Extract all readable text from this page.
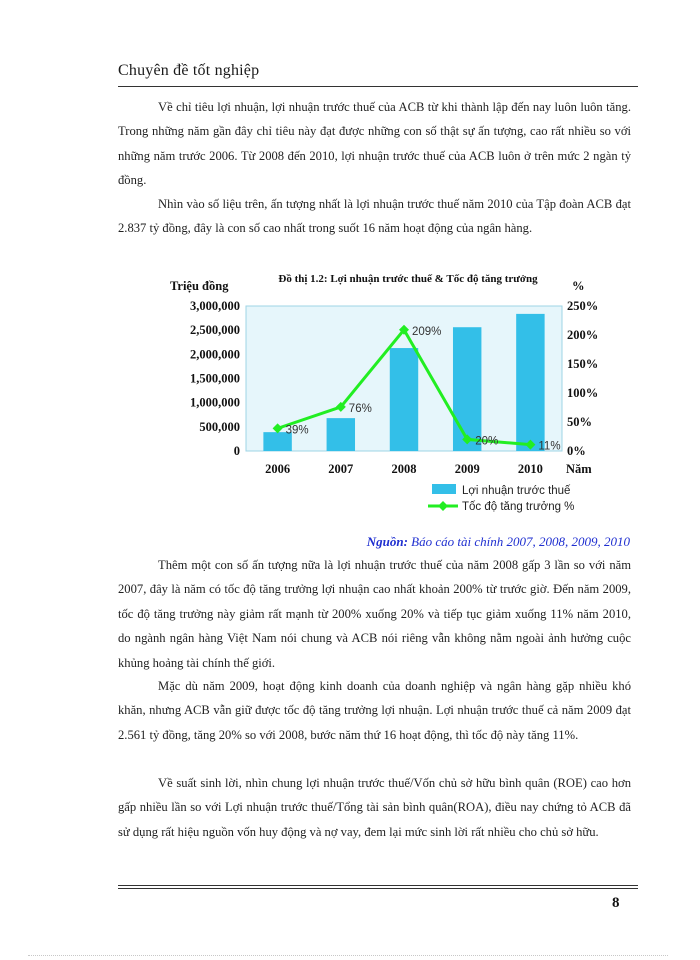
Chuyên đề tốt nghiệp
Về chỉ tiêu lợi nhuận, lợi nhuận trước thuế của ACB từ khi thành lập đến nay luôn luôn tăng. Trong những năm gần đây chỉ tiêu này đạt được những con số thật sự ấn tượng, cao rất nhiều so với những năm trước 2006. Từ 2008 đến 2010, lợi nhuận trước thuế của ACB luôn ở trên mức 2 ngàn tỷ đồng.
Nhìn vào số liệu trên, ấn tượng nhất là lợi nhuận trước thuế năm 2010 của Tập đoàn ACB đạt 2.837 tỷ đồng, đây là con số cao nhất trong suốt 16 năm hoạt động của ngân hàng.
0
500,000
1,000,000
1,500,000
2,000,000
2,500,000
3,000,000
0%
50%
100%
150%
200%
250%
2006	2007	2008	2009	2010
39%
76%
209%
20%	11%
Đồ thị 1.2: Lợi nhuận trước thuế & Tốc độ tăng trưởng
Triệu đồng	%
Năm
Lợi nhuận trước thuế
Tốc độ tăng trưởng %
Nguồn: Báo cáo tài chính 2007, 2008, 2009, 2010
Thêm một con số ấn tượng nữa là lợi nhuận trước thuế của năm 2008 gấp 3 lần so với năm 2007, đây là năm có tốc độ tăng trưởng lợi nhuận cao nhất khoản 200% từ trước giờ. Đến năm 2009, tốc độ tăng trưởng này giảm rất mạnh từ 200% xuống 20% và tiếp tục giảm xuống 11% năm 2010, do ngành ngân hàng Việt Nam nói chung và ACB nói riêng vẫn không nằm ngoài ảnh hưởng cuộc khủng hoảng tài chính thế giới.
Mặc dù năm 2009, hoạt động kinh doanh của doanh nghiệp và ngân hàng gặp nhiều khó khăn, nhưng ACB vẫn giữ được tốc độ tăng trưởng lợi nhuận. Lợi nhuận trước thuế cả năm 2009 đạt 2.561 tỷ đồng, tăng 20% so với 2008, bước năm thứ 16 hoạt động, thì tốc độ này tăng 11%.
Về suất sinh lời, nhìn chung lợi nhuận trước thuế/Vốn chủ sở hữu bình quân (ROE) cao hơn gấp nhiều lần so với Lợi nhuận trước thuế/Tổng tài sản bình quân(ROA), điều nay chứng tỏ ACB đã sử dụng rất hiệu nguồn vốn huy động và nợ vay, đem lại mức sinh lời rất nhiều cho chủ sở hữu.
8
